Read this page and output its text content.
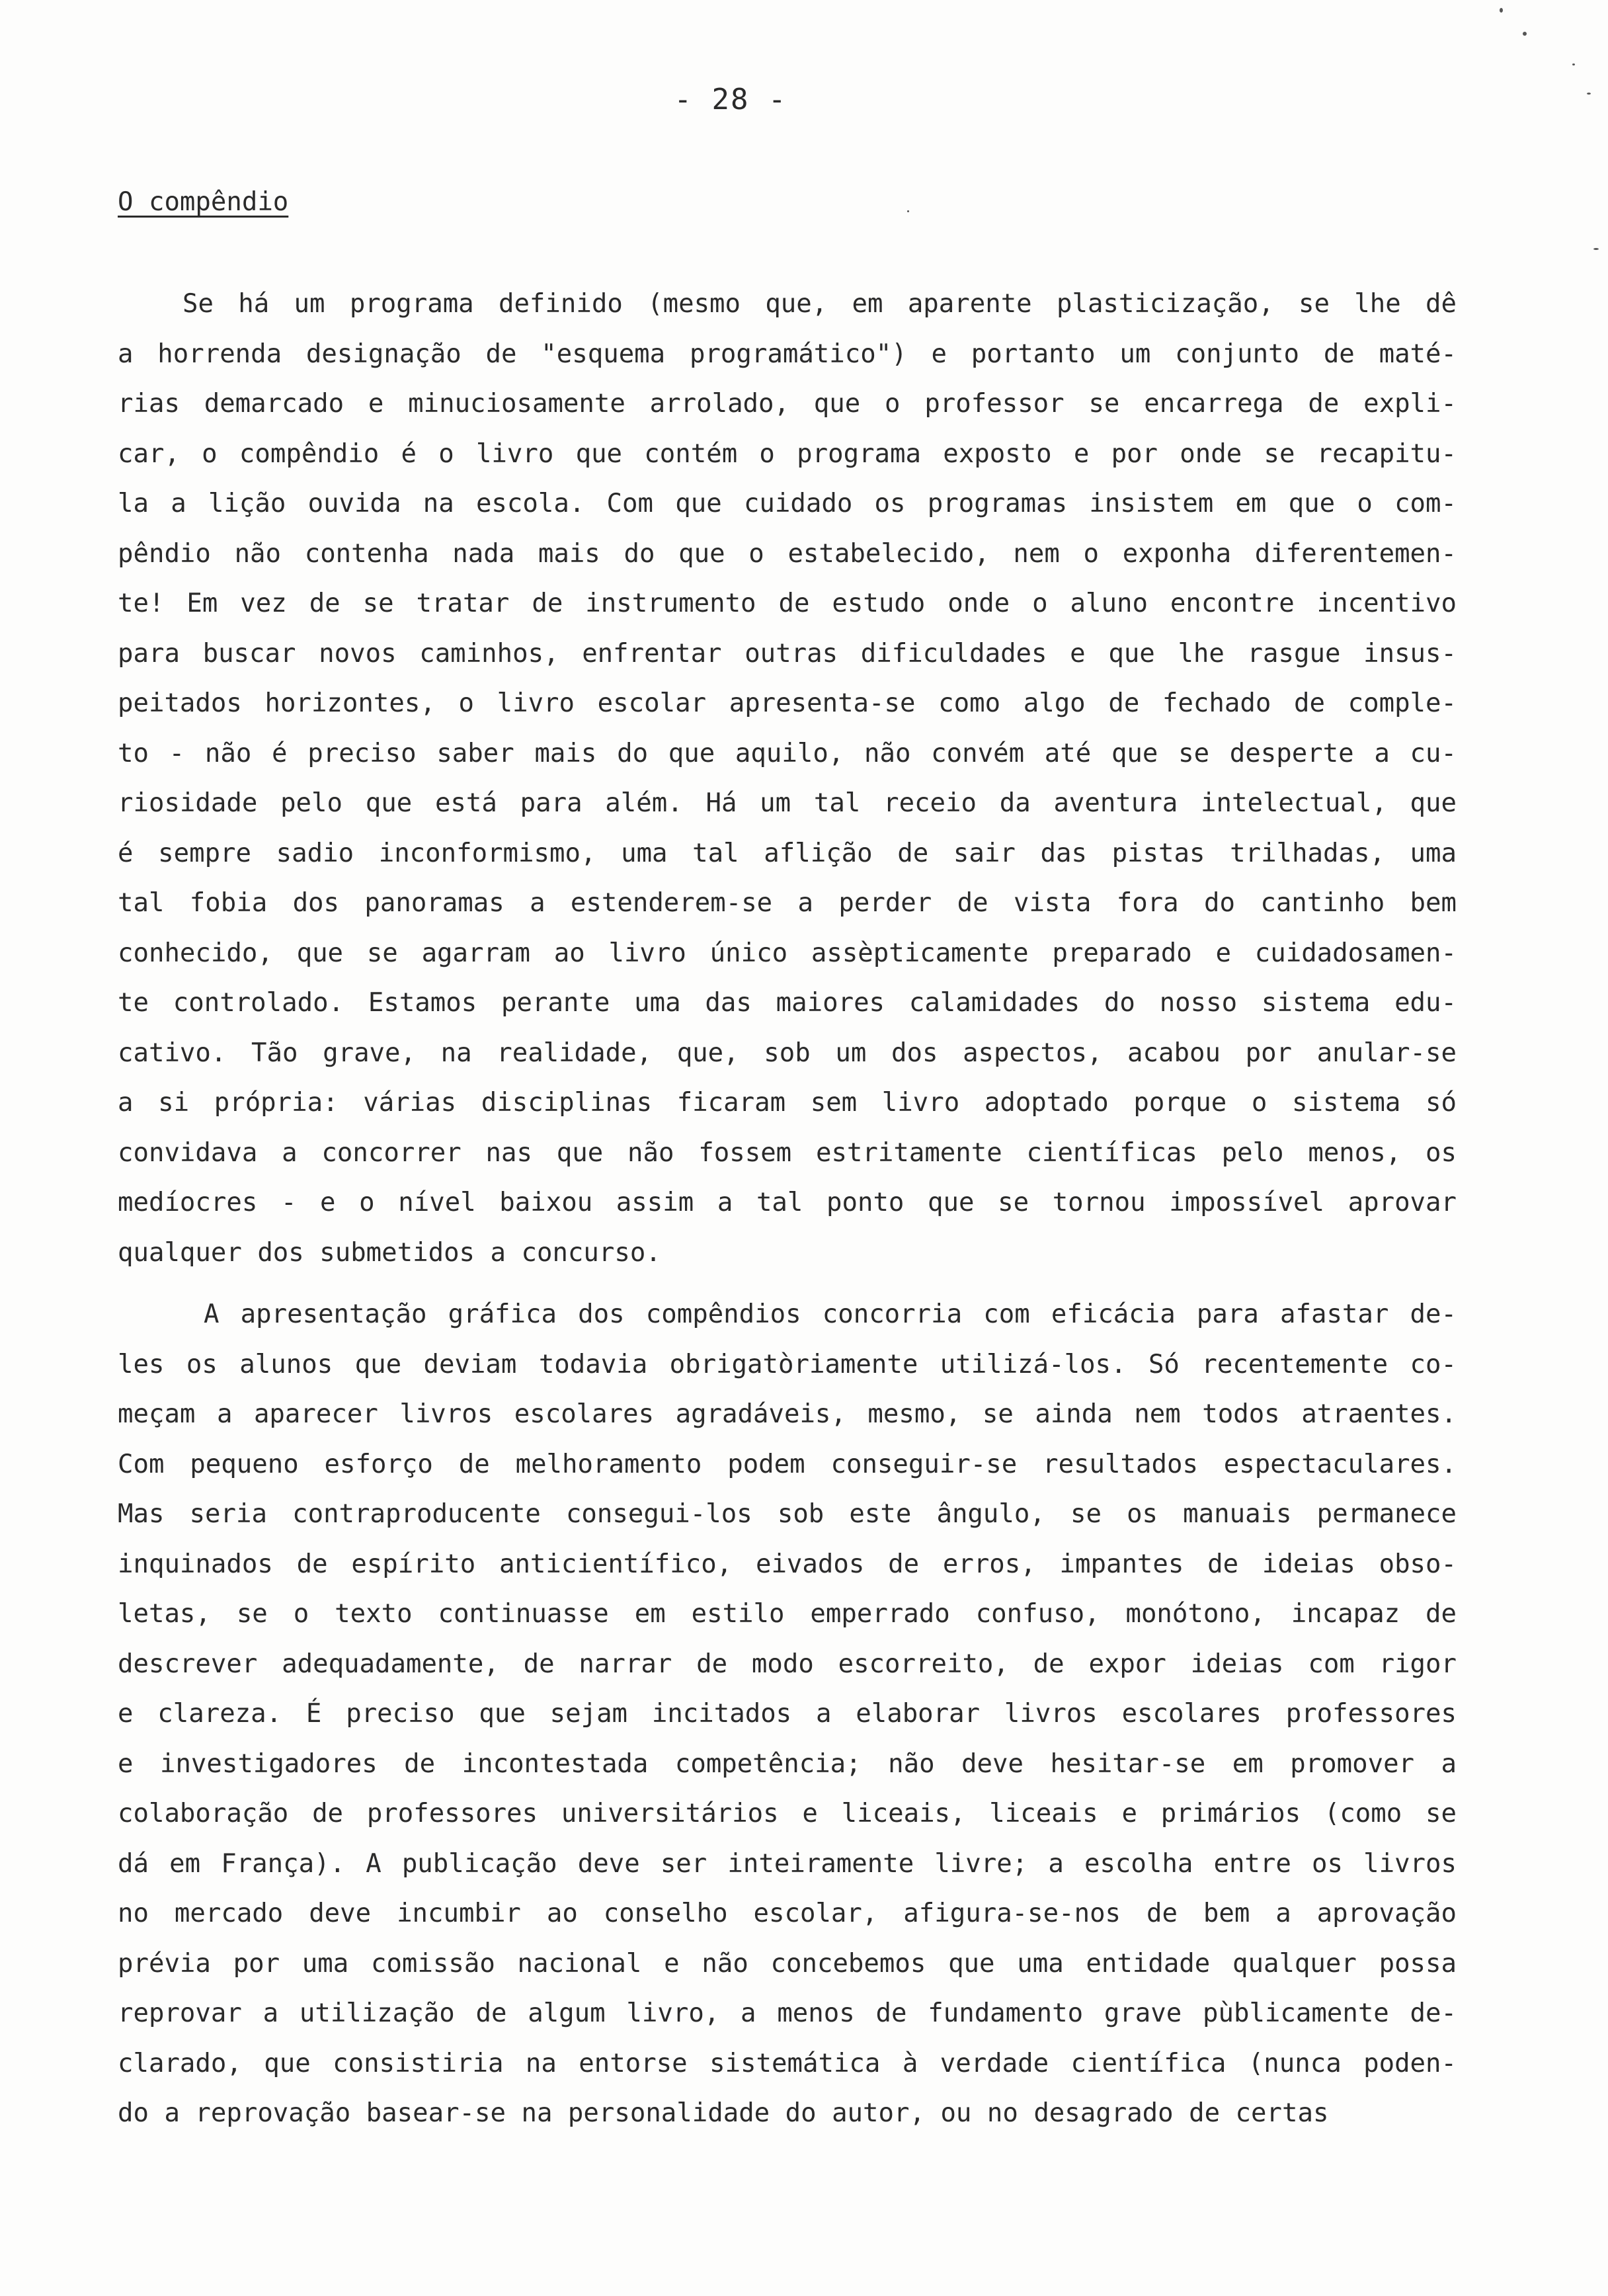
- 28 -
O compêndio
Se há um programa definido (mesmo que, em aparente plasticização, se lhe dê
a horrenda designação de "esquema programático") e portanto um conjunto de maté-
rias demarcado e minuciosamente arrolado, que o professor se encarrega de expli-
car, o compêndio é o livro que contém o programa exposto e por onde se recapitu-
la a lição ouvida na escola. Com que cuidado os programas insistem em que o com-
pêndio não contenha nada mais do que o estabelecido, nem o exponha diferentemen-
te! Em vez de se tratar de instrumento de estudo onde o aluno encontre incentivo
para buscar novos caminhos, enfrentar outras dificuldades e que lhe rasgue insus-
peitados horizontes, o livro escolar apresenta-se como algo de fechado de comple-
to - não é preciso saber mais do que aquilo, não convém até que se desperte a cu-
riosidade pelo que está para além. Há um tal receio da aventura intelectual, que
é sempre sadio inconformismo, uma tal aflição de sair das pistas trilhadas, uma
tal fobia dos panoramas a estenderem-se a perder de vista fora do cantinho bem
conhecido, que se agarram ao livro único assèpticamente preparado e cuidadosamen-
te controlado. Estamos perante uma das maiores calamidades do nosso sistema edu-
cativo. Tão grave, na realidade, que, sob um dos aspectos, acabou por anular-se
a si própria: várias disciplinas ficaram sem livro adoptado porque o sistema só
convidava a concorrer nas que não fossem estritamente científicas pelo menos, os
medíocres - e o nível baixou assim a tal ponto que se tornou impossível aprovar
qualquer dos submetidos a concurso.
A apresentação gráfica dos compêndios concorria com eficácia para afastar de-
les os alunos que deviam todavia obrigatòriamente utilizá-los. Só recentemente co-
meçam a aparecer livros escolares agradáveis, mesmo, se ainda nem todos atraentes.
Com pequeno esforço de melhoramento podem conseguir-se resultados espectaculares.
Mas seria contraproducente consegui-los sob este ângulo, se os manuais permanece
inquinados de espírito anticientífico, eivados de erros, impantes de ideias obso-
letas, se o texto continuasse em estilo emperrado confuso, monótono, incapaz de
descrever adequadamente, de narrar de modo escorreito, de expor ideias com rigor
e clareza. É preciso que sejam incitados a elaborar livros escolares professores
e investigadores de incontestada competência; não deve hesitar-se em promover a
colaboração de professores universitários e liceais, liceais e primários (como se
dá em França). A publicação deve ser inteiramente livre; a escolha entre os livros
no mercado deve incumbir ao conselho escolar, afigura-se-nos de bem a aprovação
prévia por uma comissão nacional e não concebemos que uma entidade qualquer possa
reprovar a utilização de algum livro, a menos de fundamento grave pùblicamente de-
clarado, que consistiria na entorse sistemática à verdade científica (nunca poden-
do a reprovação basear-se na personalidade do autor, ou no desagrado de certas
